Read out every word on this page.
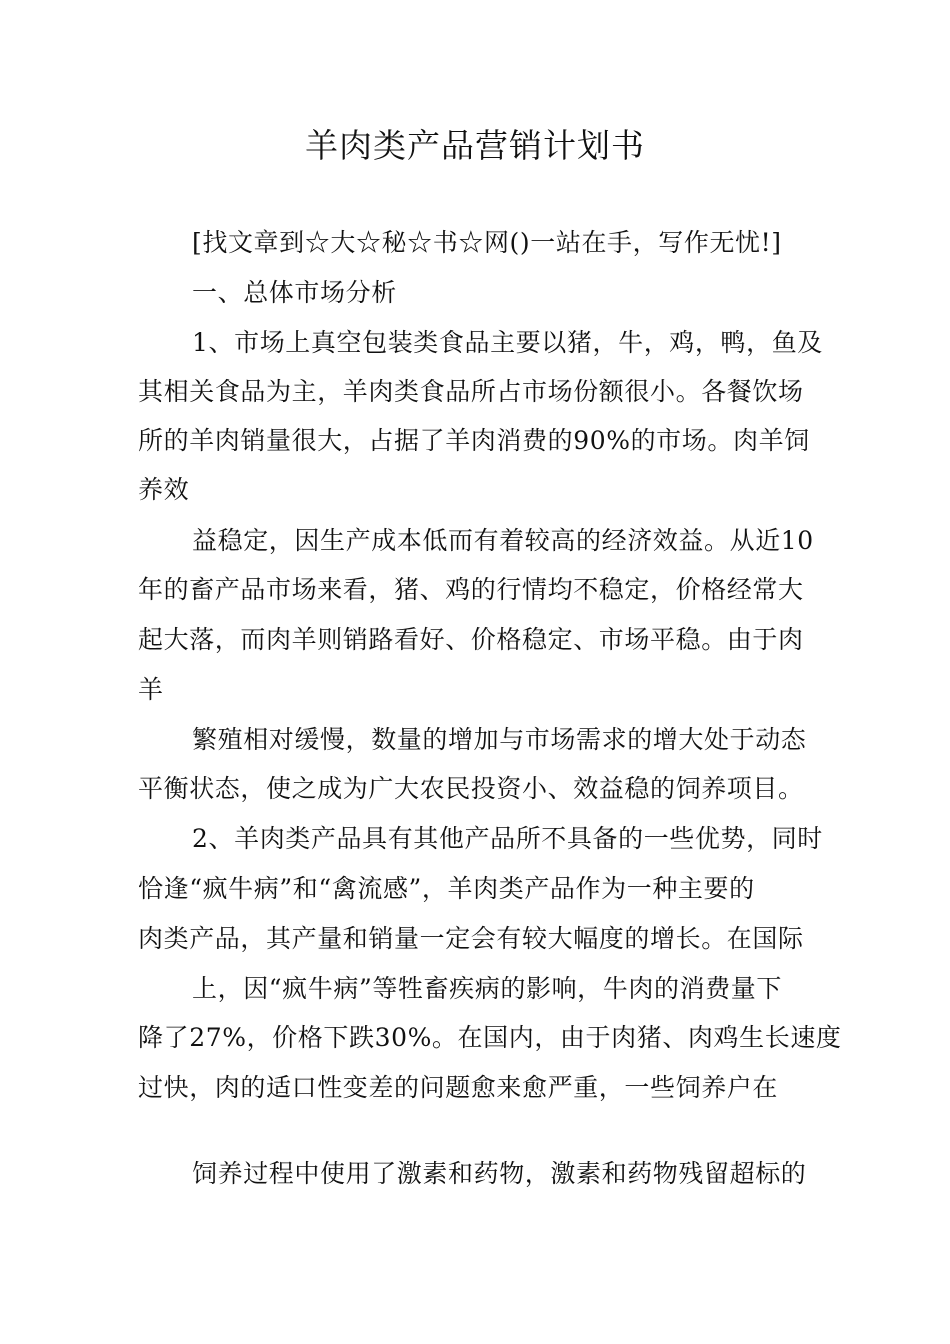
羊肉类产品营销计划书
[找文章到☆大☆秘☆书☆网()一站在手，写作无忧!]
一、总体市场分析
1、市场上真空包装类食品主要以猪，牛，鸡，鸭，鱼及
其相关食品为主，羊肉类食品所占市场份额很小。各餐饮场
所的羊肉销量很大，占据了羊肉消费的90%的市场。肉羊饲
养效
益稳定，因生产成本低而有着较高的经济效益。从近10
年的畜产品市场来看，猪、鸡的行情均不稳定，价格经常大
起大落，而肉羊则销路看好、价格稳定、市场平稳。由于肉
羊
繁殖相对缓慢，数量的增加与市场需求的增大处于动态
平衡状态，使之成为广大农民投资小、效益稳的饲养项目。
2、羊肉类产品具有其他产品所不具备的一些优势，同时
恰逢“疯牛病”和“禽流感”，羊肉类产品作为一种主要的
肉类产品，其产量和销量一定会有较大幅度的增长。在国际
上，因“疯牛病”等牲畜疾病的影响，牛肉的消费量下
降了27%，价格下跌30%。在国内，由于肉猪、肉鸡生长速度
过快，肉的适口性变差的问题愈来愈严重，一些饲养户在
饲养过程中使用了激素和药物，激素和药物残留超标的
